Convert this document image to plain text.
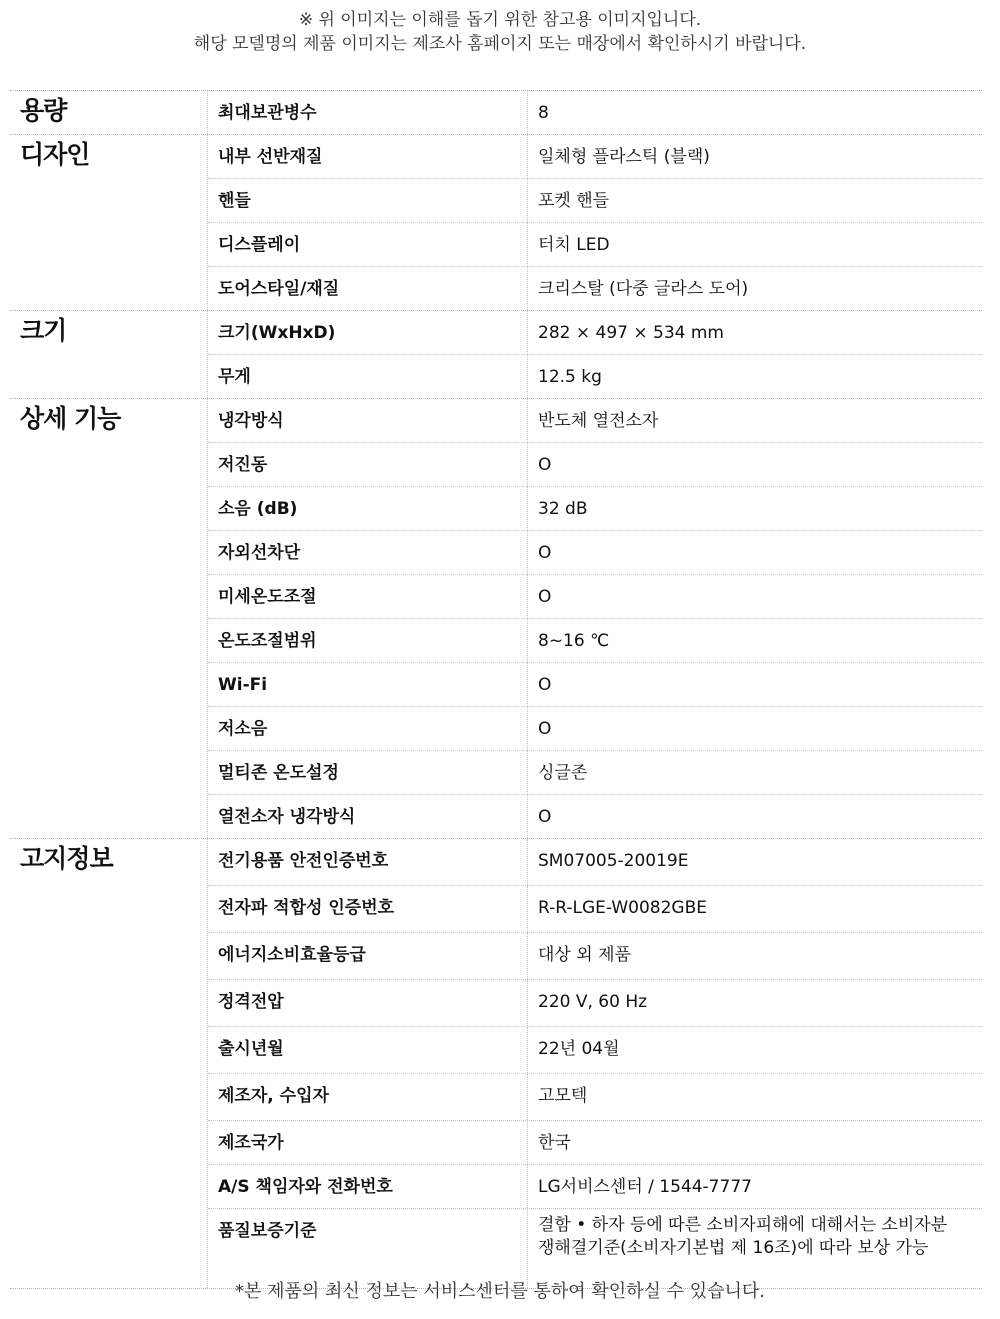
※ 위 이미지는 이해를 돕기 위한 참고용 이미지입니다.
해당 모델명의 제품 이미지는 제조사 홈페이지 또는 매장에서 확인하시기 바랍니다.
용량	최대보관병수	8
디자인	내부 선반재질	일체형 플라스틱 (블랙)
핸들	포켓 핸들
디스플레이	터치 LED
도어스타일/재질	크리스탈 (다중 글라스 도어)
크기	크기(WxHxD)	282 × 497 × 534 mm
무게	12.5 kg
상세 기능	냉각방식	반도체 열전소자
저진동	O
소음 (dB)	32 dB
자외선차단	O
미세온도조절	O
온도조절범위	8~16 ℃
Wi-Fi	O
저소음	O
멀티존 온도설정	싱글존
열전소자 냉각방식	O
고지정보	전기용품 안전인증번호	SM07005-20019E
전자파 적합성 인증번호	R-R-LGE-W0082GBE
에너지소비효율등급	대상 외 제품
정격전압	220 V, 60 Hz
출시년월	22년 04월
제조자, 수입자	고모텍
제조국가	한국
A/S 책임자와 전화번호	LG서비스센터 / 1544-7777
품질보증기준	결함 • 하자 등에 따른 소비자피해에 대해서는 소비자분쟁해결기준(소비자기본법 제 16조)에 따라 보상 가능
*본 제품의 최신 정보는 서비스센터를 통하여 확인하실 수 있습니다.
